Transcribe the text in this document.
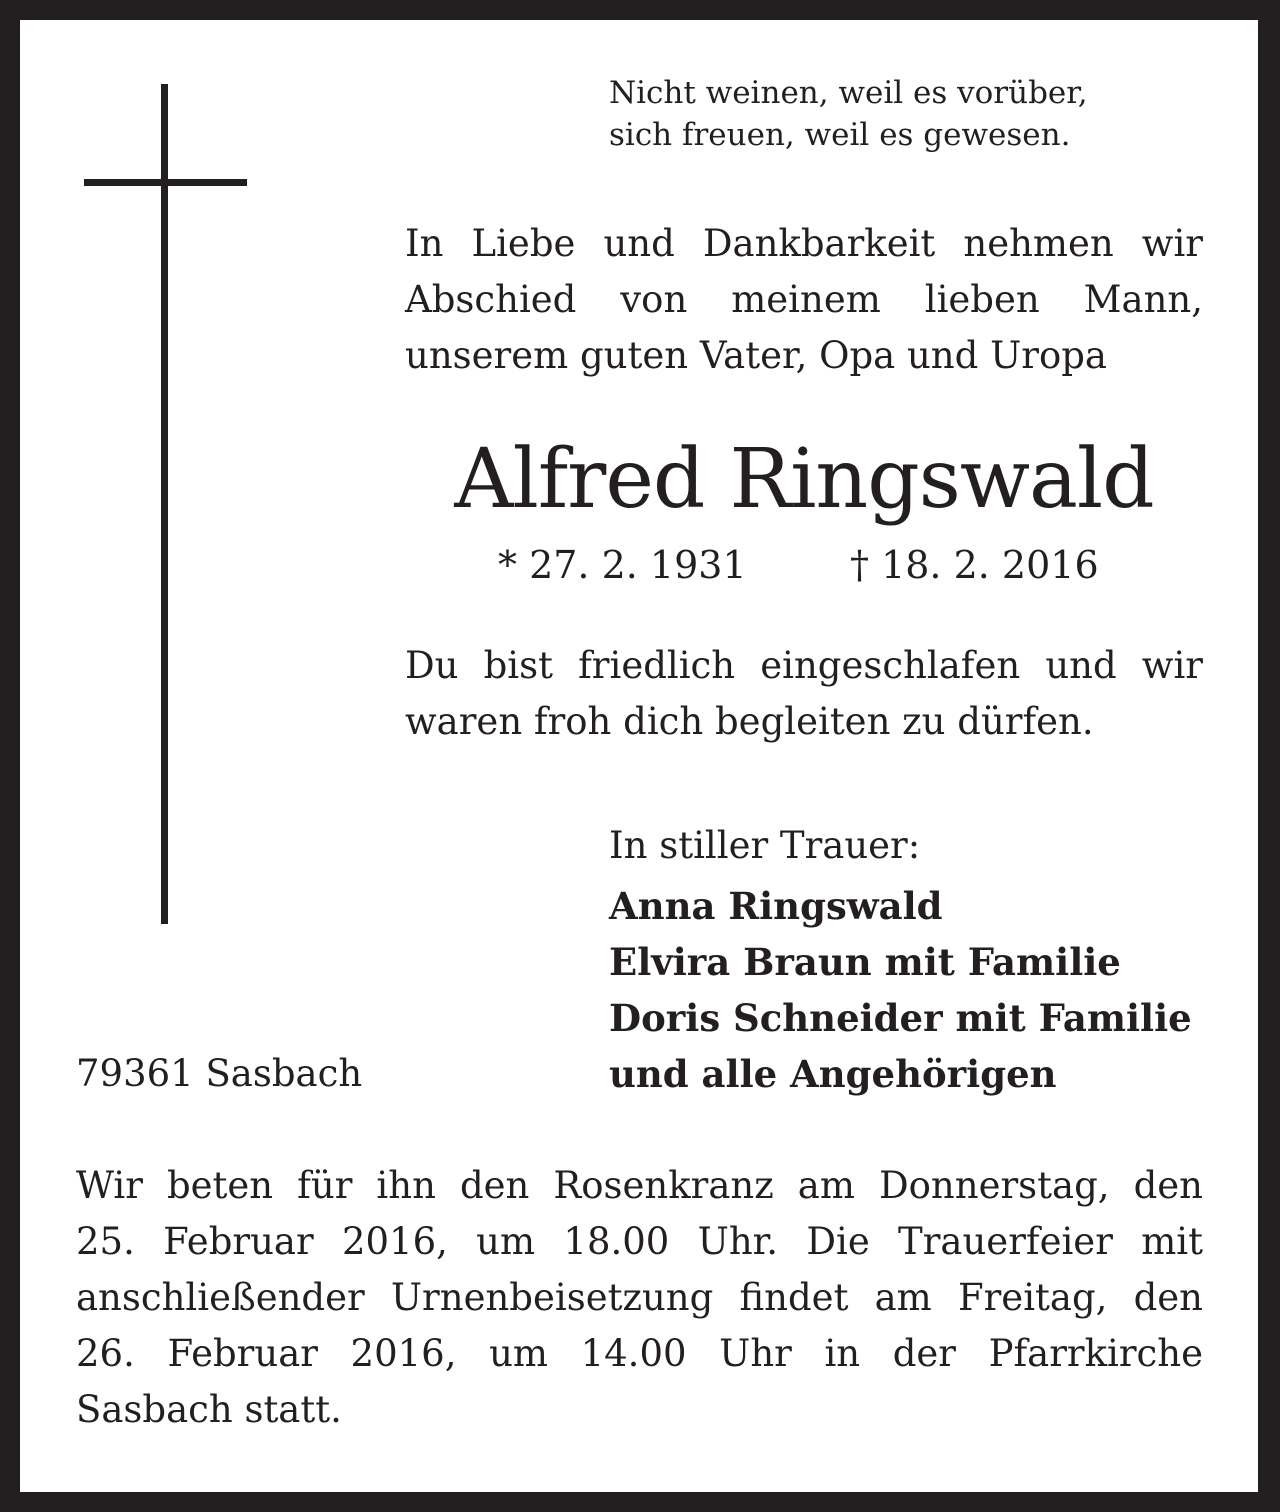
Nicht weinen, weil es vorüber,
sich freuen, weil es gewesen.
In Liebe und Dankbarkeit nehmen wir
Abschied von meinem lieben Mann,
unserem guten Vater, Opa und Uropa
Alfred Ringswald
* 27. 2. 1931	† 18. 2. 2016
Du bist friedlich eingeschlafen und wir
waren froh dich begleiten zu dürfen.
In stiller Trauer:
Anna Ringswald
Elvira Braun mit Familie
Doris Schneider mit Familie
und alle Angehörigen
79361 Sasbach
Wir beten für ihn den Rosenkranz am Donnerstag, den
25. Februar 2016, um 18.00 Uhr. Die Trauerfeier mit
anschließender Urnenbeisetzung findet am Freitag, den
26. Februar 2016, um 14.00 Uhr in der Pfarrkirche
Sasbach statt.
